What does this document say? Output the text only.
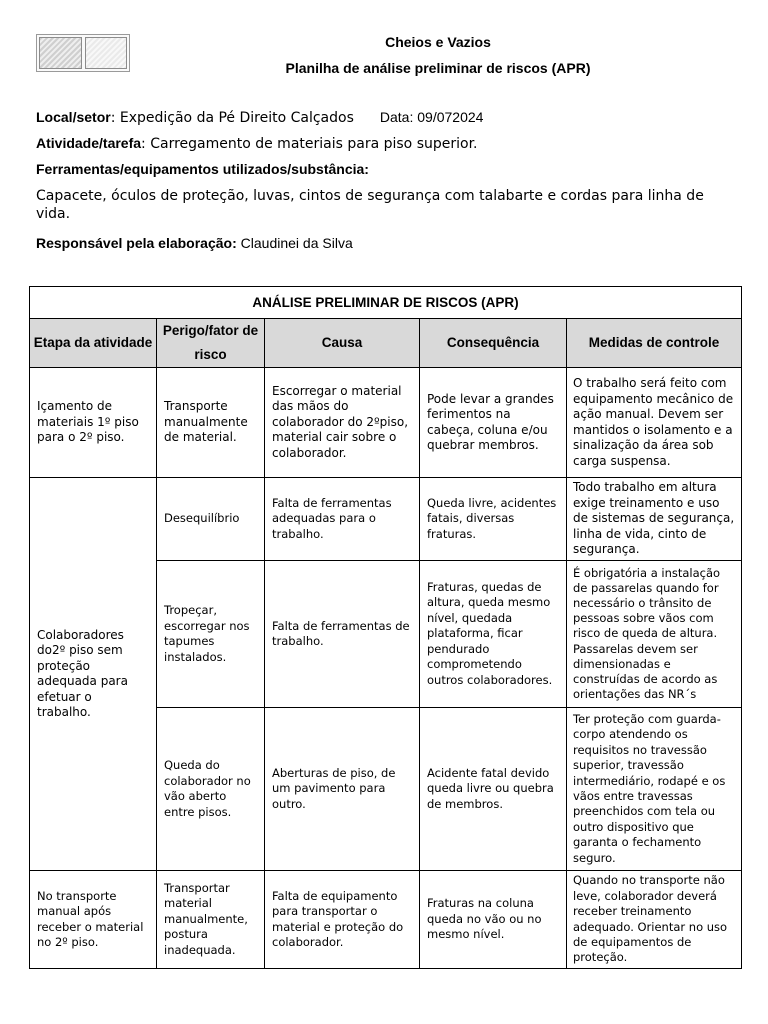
Cheios e Vazios
Planilha de análise preliminar de riscos (APR)
Local/setor: Expedição da Pé Direito Calçados Data: 09/072024
Atividade/tarefa: Carregamento de materiais para piso superior.
Ferramentas/equipamentos utilizados/substância:
Capacete, óculos de proteção, luvas, cintos de segurança com talabarte e cordas para linha de vida.
Responsável pela elaboração: Claudinei da Silva
ANÁLISE PRELIMINAR DE RISCOS (APR)				
Etapa da atividade	Perigo/fator de risco	Causa	Consequência	Medidas de controle
Içamento de materiais 1º piso para o 2º piso.	Transporte manualmente de material.	Escorregar o material das mãos do colaborador do 2ºpiso, material cair sobre o colaborador.	Pode levar a grandes ferimentos na cabeça, coluna e/ou quebrar membros.	O trabalho será feito com equipamento mecânico de ação manual. Devem ser mantidos o isolamento e a sinalização da área sob carga suspensa.
Colaboradores do2º piso sem proteção adequada para efetuar o trabalho.	Desequilíbrio	Falta de ferramentas adequadas para o trabalho.	Queda livre, acidentes fatais, diversas fraturas.	Todo trabalho em altura exige treinamento e uso de sistemas de segurança, linha de vida, cinto de segurança.
	Tropeçar, escorregar nos tapumes instalados.	Falta de ferramentas de trabalho.	Fraturas, quedas de altura, queda mesmo nível, quedada plataforma, ficar pendurado comprometendo outros colaboradores.	É obrigatória a instalação de passarelas quando for necessário o trânsito de pessoas sobre vãos com risco de queda de altura. Passarelas devem ser dimensionadas e construídas de acordo as orientações das NR´s
	Queda do colaborador no vão aberto entre pisos.	Aberturas de piso, de um pavimento para outro.	Acidente fatal devido queda livre ou quebra de membros.	Ter proteção com guarda-corpo atendendo os requisitos no travessão superior, travessão intermediário, rodapé e os vãos entre travessas preenchidos com tela ou outro dispositivo que garanta o fechamento seguro.
No transporte manual após receber o material no 2º piso.	Transportar material manualmente, postura inadequada.	Falta de equipamento para transportar o material e proteção do colaborador.	Fraturas na coluna queda no vão ou no mesmo nível.	Quando no transporte não leve, colaborador deverá receber treinamento adequado. Orientar no uso de equipamentos de proteção.
